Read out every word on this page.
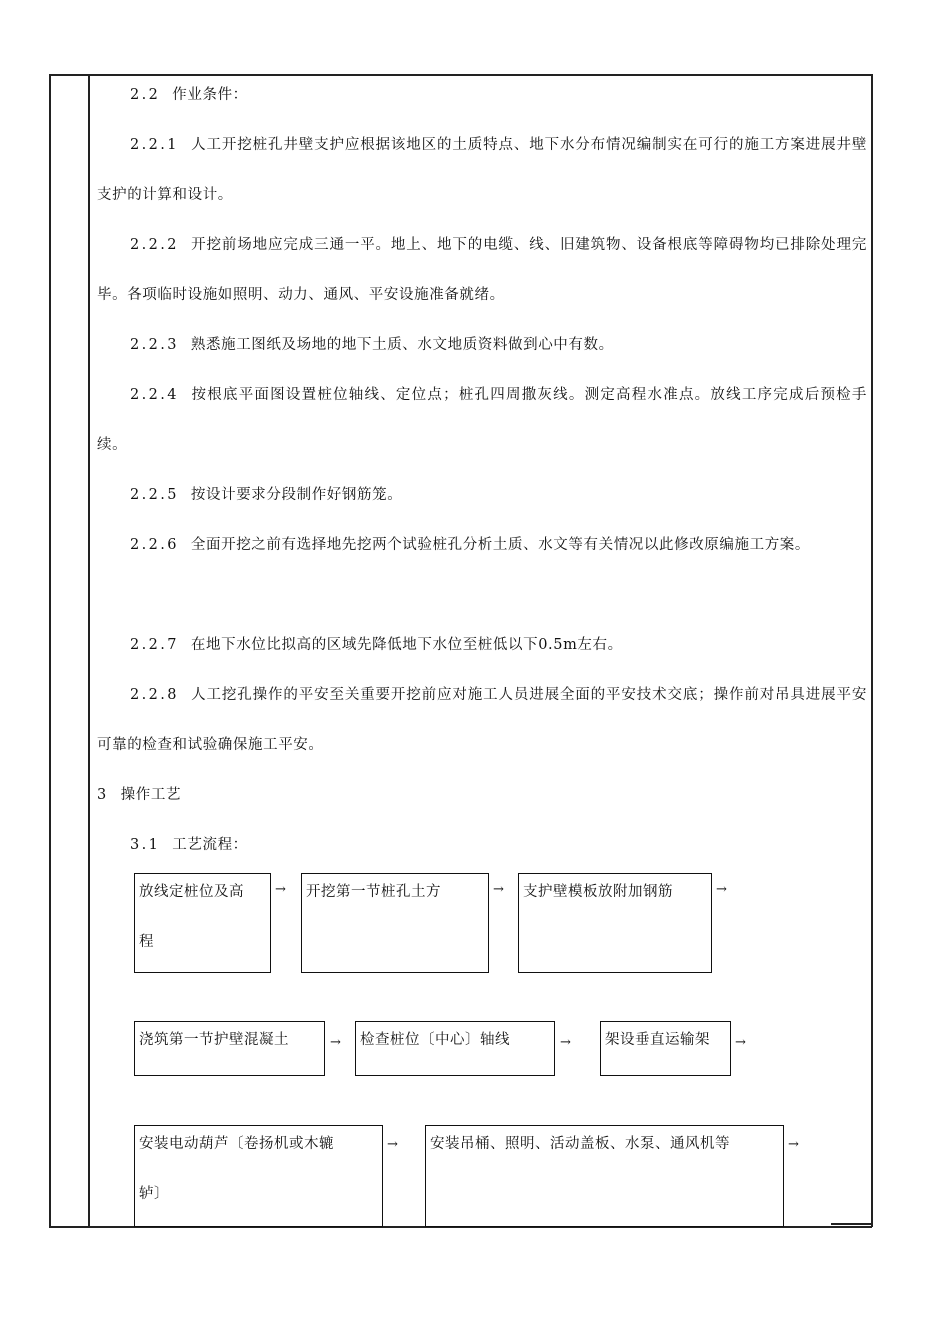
2.2 作业条件：

2.2.1 人工开挖桩孔井壁支护应根据该地区的土质特点、地下水分布情况编制实在可行的施工方案进展井壁支护的计算和设计。

2.2.2 开挖前场地应完成三通一平。地上、地下的电缆、线、旧建筑物、设备根底等障碍物均已排除处理完毕。各项临时设施如照明、动力、通风、平安设施准备就绪。

2.2.3 熟悉施工图纸及场地的地下土质、水文地质资料做到心中有数。

2.2.4 按根底平面图设置桩位轴线、定位点；桩孔四周撒灰线。测定高程水准点。放线工序完成后预检手续。

2.2.5 按设计要求分段制作好钢筋笼。

2.2.6 全面开挖之前有选择地先挖两个试验桩孔分析土质、水文等有关情况以此修改原编施工方案。

2.2.7 在地下水位比拟高的区域先降低地下水位至桩低以下0.5m左右。

2.2.8 人工挖孔操作的平安至关重要开挖前应对施工人员进展全面的平安技术交底；操作前对吊具进展平安可靠的检查和试验确保施工平安。

3 操作工艺

3.1 工艺流程：

放线定桩位及高
程
→ 开挖第一节桩孔土方	→ 支护壁模板放附加钢筋	→
浇筑第一节护壁混凝土	→ 检查桩位〔中心〕轴线	→ 架设垂直运输架	→
安装电动葫芦〔卷扬机或木辘
轳〕
→ 安装吊桶、照明、活动盖板、水泵、通风机等	→
